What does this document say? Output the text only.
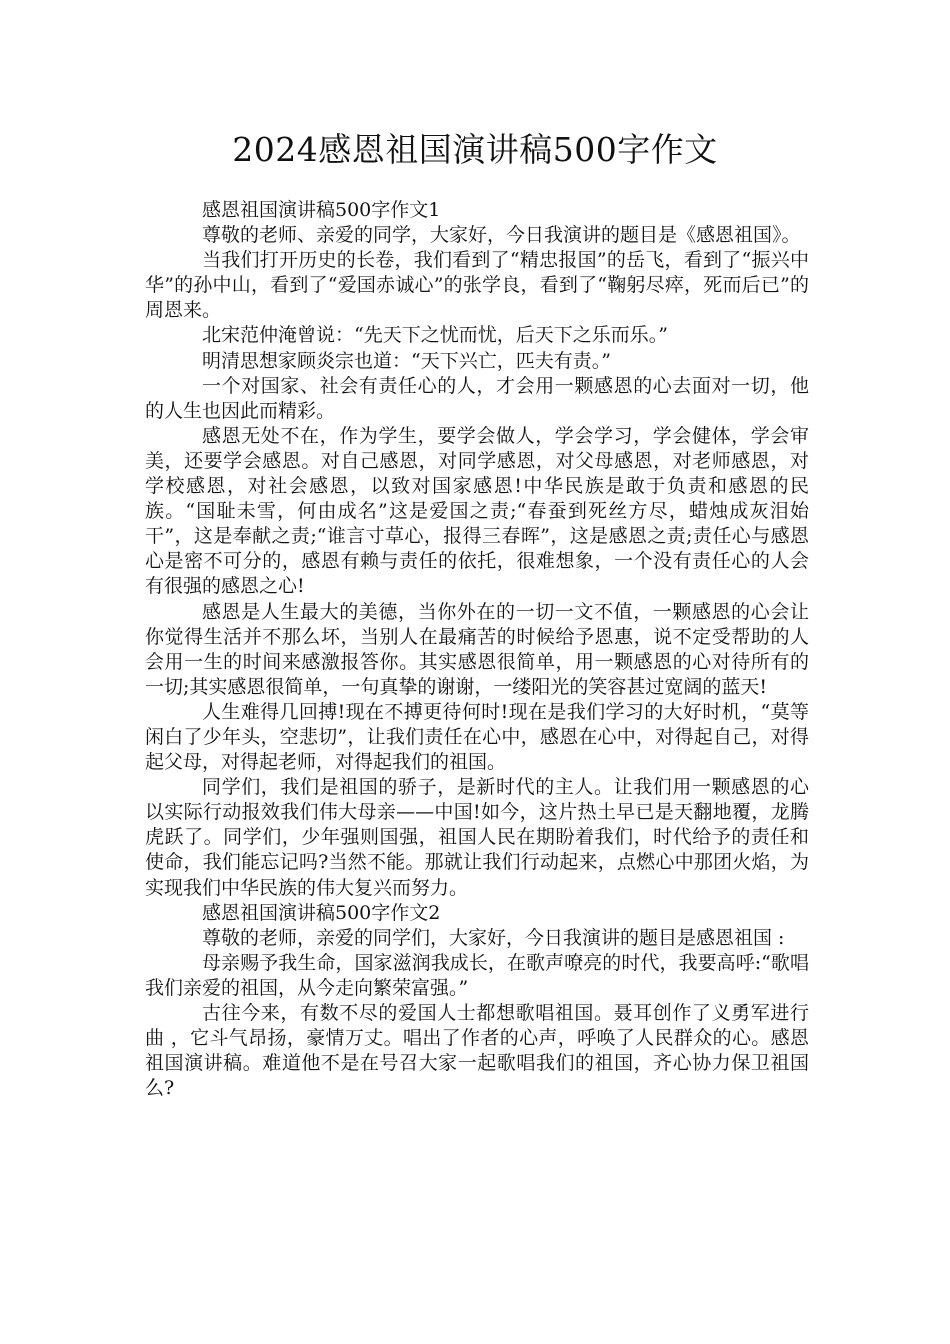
2024感恩祖国演讲稿500字作文

感恩祖国演讲稿500字作文1

尊敬的老师、亲爱的同学，大家好，今日我演讲的题目是《感恩祖国》。

当我们打开历史的长卷，我们看到了“精忠报国”的岳飞，看到了“振兴中华”的孙中山，看到了“爱国赤诚心”的张学良，看到了“鞠躬尽瘁，死而后已”的周恩来。

北宋范仲淹曾说：“先天下之忧而忧，后天下之乐而乐。”

明清思想家顾炎宗也道：“天下兴亡，匹夫有责。”

一个对国家、社会有责任心的人，才会用一颗感恩的心去面对一切，他的人生也因此而精彩。

感恩无处不在，作为学生，要学会做人，学会学习，学会健体，学会审美，还要学会感恩。对自己感恩，对同学感恩，对父母感恩，对老师感恩，对学校感恩，对社会感恩，以致对国家感恩!中华民族是敢于负责和感恩的民族。“国耻未雪，何由成名”这是爱国之责;“春蚕到死丝方尽，蜡烛成灰泪始干”，这是奉献之责;“谁言寸草心，报得三春晖”，这是感恩之责;责任心与感恩心是密不可分的，感恩有赖与责任的依托，很难想象，一个没有责任心的人会有很强的感恩之心!

感恩是人生最大的美德，当你外在的一切一文不值，一颗感恩的心会让你觉得生活并不那么坏，当别人在最痛苦的时候给予恩惠，说不定受帮助的人会用一生的时间来感激报答你。其实感恩很简单，用一颗感恩的心对待所有的一切;其实感恩很简单，一句真挚的谢谢，一缕阳光的笑容甚过宽阔的蓝天!

人生难得几回搏!现在不搏更待何时!现在是我们学习的大好时机，“莫等闲白了少年头，空悲切”，让我们责任在心中，感恩在心中，对得起自己，对得起父母，对得起老师，对得起我们的祖国。

同学们，我们是祖国的骄子，是新时代的主人。让我们用一颗感恩的心以实际行动报效我们伟大母亲——中国!如今，这片热土早已是天翻地覆，龙腾虎跃了。同学们，少年强则国强，祖国人民在期盼着我们，时代给予的责任和使命，我们能忘记吗?当然不能。那就让我们行动起来，点燃心中那团火焰，为实现我们中华民族的伟大复兴而努力。

感恩祖国演讲稿500字作文2

尊敬的老师，亲爱的同学们，大家好，今日我演讲的题目是感恩祖国 :

母亲赐予我生命，国家滋润我成长，在歌声嘹亮的时代，我要高呼:“歌唱我们亲爱的祖国，从今走向繁荣富强。”

古往今来，有数不尽的爱国人士都想歌唱祖国。聂耳创作了义勇军进行曲 ，它斗气昂扬，豪情万丈。唱出了作者的心声，呼唤了人民群众的心。感恩祖国演讲稿。难道他不是在号召大家一起歌唱我们的祖国，齐心协力保卫祖国么?
